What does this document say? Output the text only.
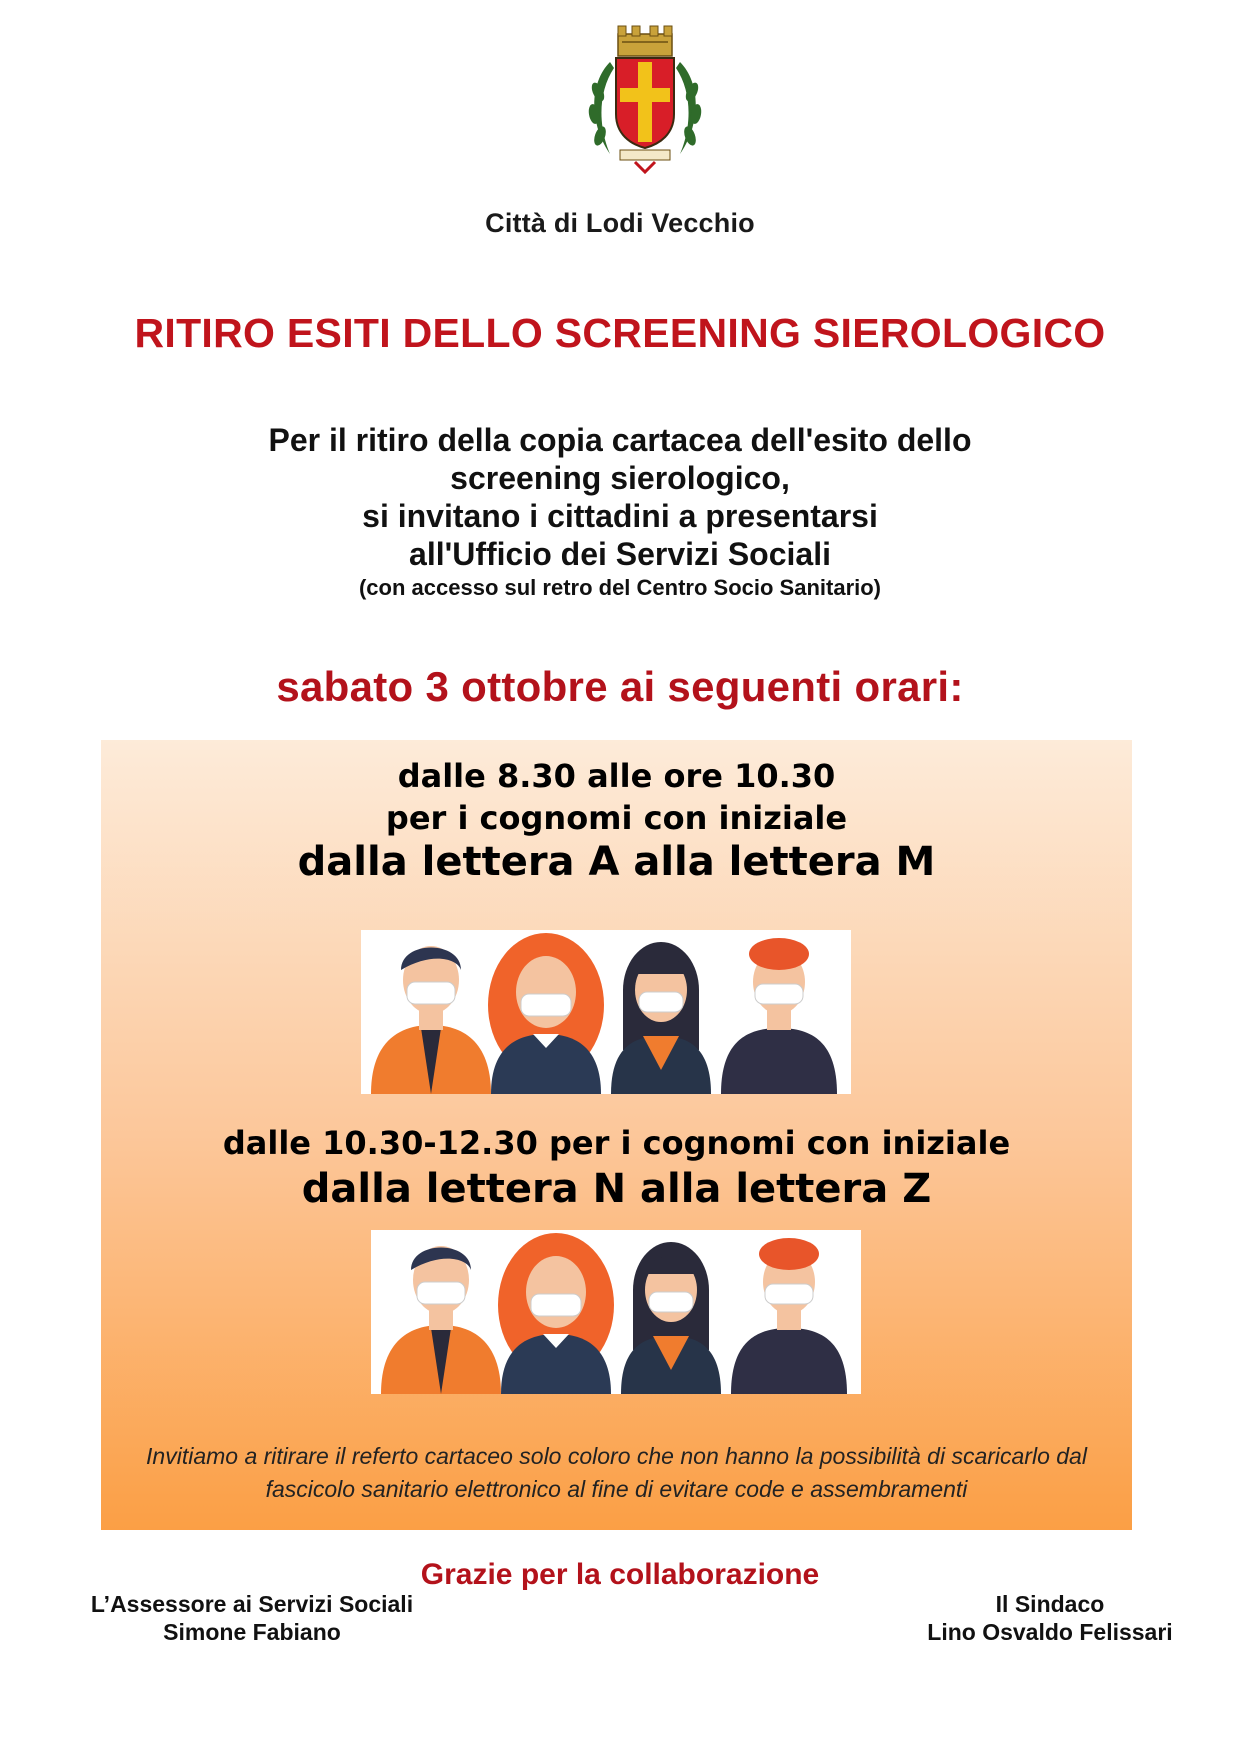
Città di Lodi Vecchio
RITIRO ESITI DELLO SCREENING SIEROLOGICO
Per il ritiro della copia cartacea dell'esito dello
screening sierologico,
si invitano i cittadini a presentarsi
all'Ufficio dei Servizi Sociali
(con accesso sul retro del Centro Socio Sanitario)
sabato 3 ottobre ai seguenti orari:
dalle 8.30 alle ore 10.30
per i cognomi con iniziale
dalla lettera A alla lettera M
dalle 10.30-12.30 per i cognomi con iniziale
dalla lettera N alla lettera Z
Invitiamo a ritirare il referto cartaceo solo coloro che non hanno la possibilità di scaricarlo dal
fascicolo sanitario elettronico al fine di evitare code e assembramenti
Grazie per la collaborazione
L’Assessore ai Servizi Sociali
Simone Fabiano
Il Sindaco
Lino Osvaldo Felissari
